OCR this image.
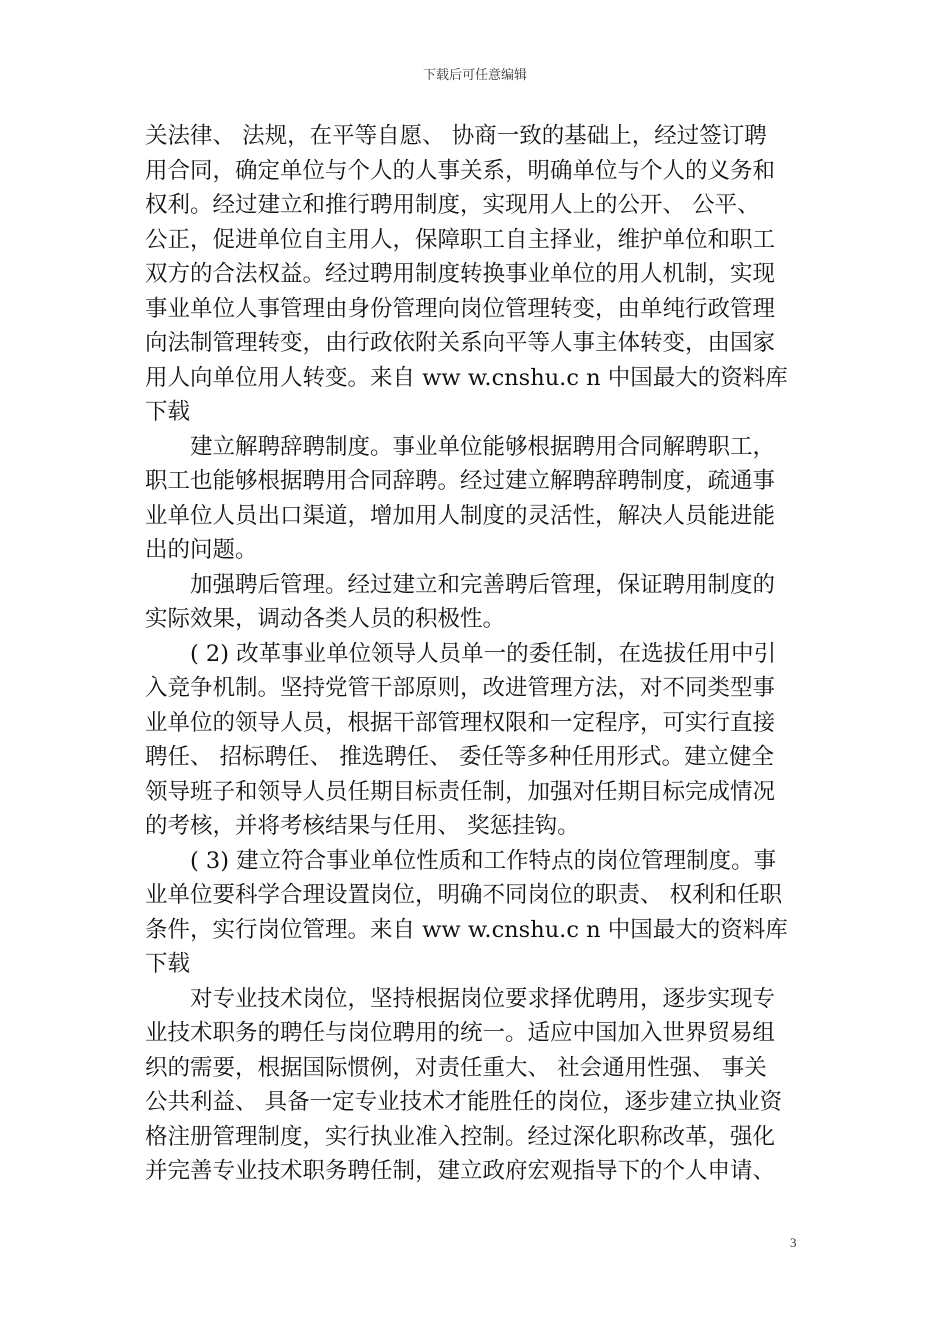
下载后可任意编辑

关法律、 法规，在平等自愿、 协商一致的基础上，经过签订聘
用合同，确定单位与个人的人事关系，明确单位与个人的义务和
权利。经过建立和推行聘用制度，实现用人上的公开、 公平、
公正，促进单位自主用人，保障职工自主择业，维护单位和职工
双方的合法权益。经过聘用制度转换事业单位的用人机制，实现
事业单位人事管理由身份管理向岗位管理转变，由单纯行政管理
向法制管理转变，由行政依附关系向平等人事主体转变，由国家
用人向单位用人转变。来自 ww w.cnshu.c n 中国最大的资料库
下载

建立解聘辞聘制度。事业单位能够根据聘用合同解聘职工，
职工也能够根据聘用合同辞聘。经过建立解聘辞聘制度，疏通事
业单位人员出口渠道，增加用人制度的灵活性，解决人员能进能
出的问题。

加强聘后管理。经过建立和完善聘后管理，保证聘用制度的
实际效果，调动各类人员的积极性。

( 2) 改革事业单位领导人员单一的委任制，在选拔任用中引
入竞争机制。坚持党管干部原则，改进管理方法，对不同类型事
业单位的领导人员，根据干部管理权限和一定程序，可实行直接
聘任、 招标聘任、 推选聘任、 委任等多种任用形式。建立健全
领导班子和领导人员任期目标责任制，加强对任期目标完成情况
的考核，并将考核结果与任用、 奖惩挂钩。

( 3) 建立符合事业单位性质和工作特点的岗位管理制度。事
业单位要科学合理设置岗位，明确不同岗位的职责、 权利和任职
条件，实行岗位管理。来自 ww w.cnshu.c n 中国最大的资料库
下载

对专业技术岗位，坚持根据岗位要求择优聘用，逐步实现专
业技术职务的聘任与岗位聘用的统一。适应中国加入世界贸易组
织的需要，根据国际惯例，对责任重大、 社会通用性强、 事关
公共利益、 具备一定专业技术才能胜任的岗位，逐步建立执业资
格注册管理制度，实行执业准入控制。经过深化职称改革，强化
并完善专业技术职务聘任制，建立政府宏观指导下的个人申请、

3
